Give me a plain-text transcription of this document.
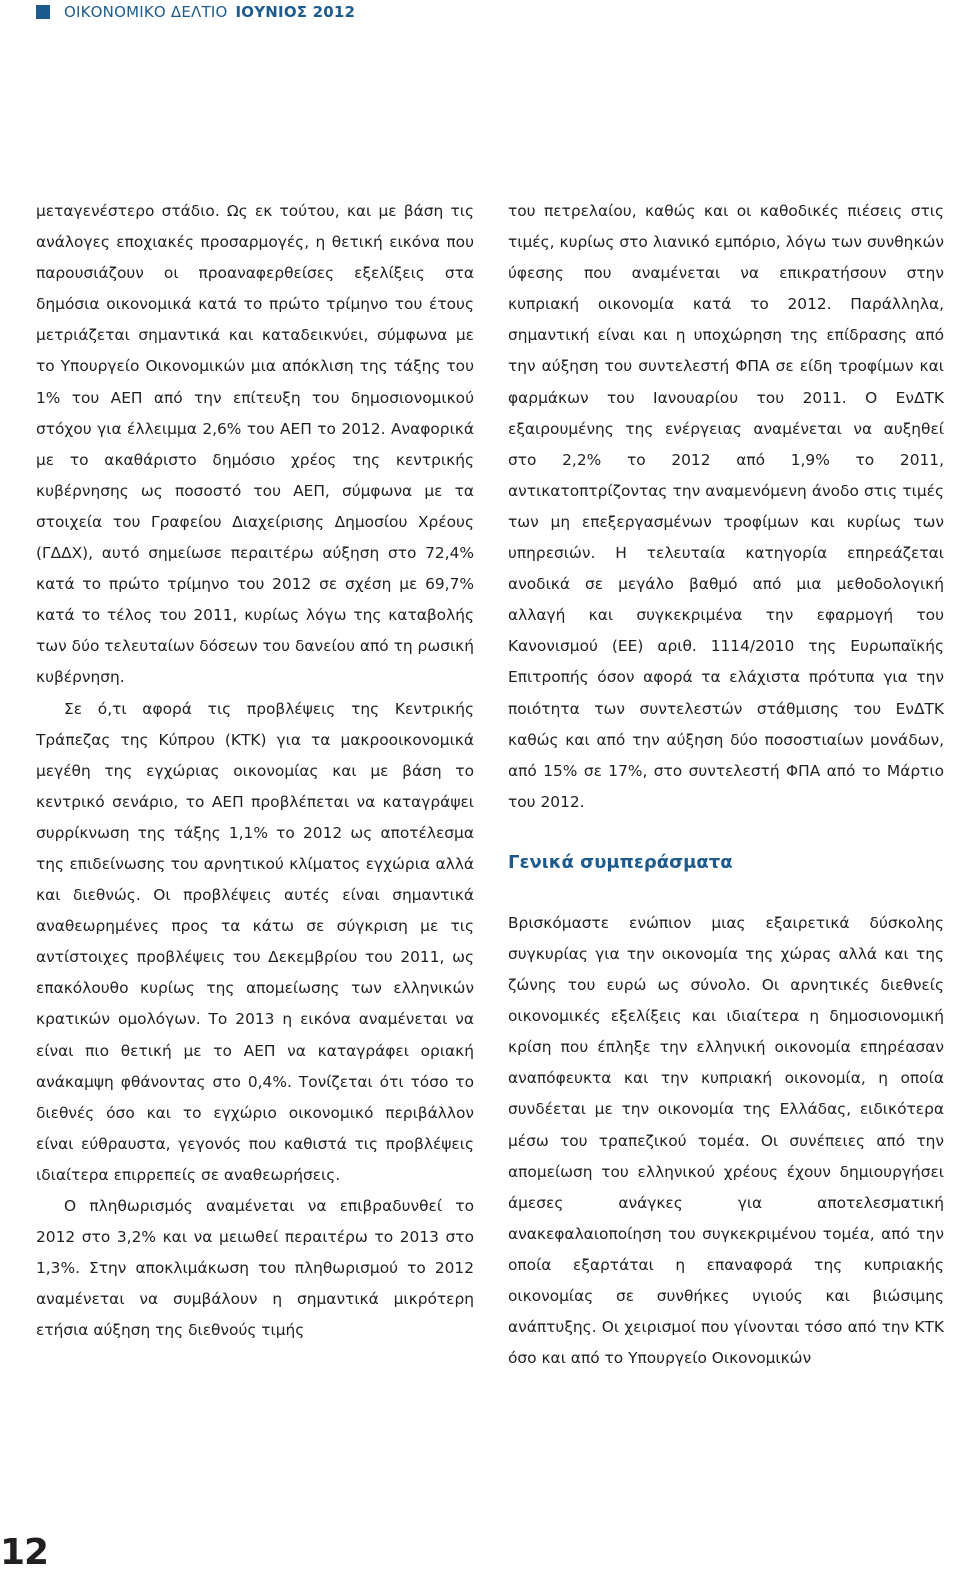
ΟΙΚΟΝΟΜΙΚΟ ΔΕΛΤΙΟ ΙΟΥΝΙΟΣ 2012

μεταγενέστερο στάδιο. Ως εκ τούτου, και με βάση τις ανάλογες εποχιακές προσαρμογές, η θετική εικόνα που παρουσιάζουν οι προαναφερθείσες εξελίξεις στα δημόσια οικονομικά κατά το πρώτο τρίμηνο του έτους μετριάζεται σημαντικά και καταδεικνύει, σύμφωνα με το Υπουργείο Οικονομικών μια απόκλιση της τάξης του 1% του ΑΕΠ από την επίτευξη του δημοσιονομικού στόχου για έλλειμμα 2,6% του ΑΕΠ το 2012. Αναφορικά με το ακαθάριστο δημόσιο χρέος της κεντρικής κυβέρνησης ως ποσοστό του ΑΕΠ, σύμφωνα με τα στοιχεία του Γραφείου Διαχείρισης Δημοσίου Χρέους (ΓΔΔΧ), αυτό σημείωσε περαιτέρω αύξηση στο 72,4% κατά το πρώτο τρίμηνο του 2012 σε σχέση με 69,7% κατά το τέλος του 2011, κυρίως λόγω της καταβολής των δύο τελευταίων δόσεων του δανείου από τη ρωσική κυβέρνηση.

Σε ό,τι αφορά τις προβλέψεις της Κεντρικής Τράπεζας της Κύπρου (ΚΤΚ) για τα μακροοικονομικά μεγέθη της εγχώριας οικονομίας και με βάση το κεντρικό σενάριο, το ΑΕΠ προβλέπεται να καταγράψει συρρίκνωση της τάξης 1,1% το 2012 ως αποτέλεσμα της επιδείνωσης του αρνητικού κλίματος εγχώρια αλλά και διεθνώς. Οι προβλέψεις αυτές είναι σημαντικά αναθεωρημένες προς τα κάτω σε σύγκριση με τις αντίστοιχες προβλέψεις του Δεκεμβρίου του 2011, ως επακόλουθο κυρίως της απομείωσης των ελληνικών κρατικών ομολόγων. Το 2013 η εικόνα αναμένεται να είναι πιο θετική με το ΑΕΠ να καταγράφει οριακή ανάκαμψη φθάνοντας στο 0,4%. Τονίζεται ότι τόσο το διεθνές όσο και το εγχώριο οικονομικό περιβάλλον είναι εύθραυστα, γεγονός που καθιστά τις προβλέψεις ιδιαίτερα επιρρεπείς σε αναθεωρήσεις.

Ο πληθωρισμός αναμένεται να επιβραδυνθεί το 2012 στο 3,2% και να μειωθεί περαιτέρω το 2013 στο 1,3%. Στην αποκλιμάκωση του πληθωρισμού το 2012 αναμένεται να συμβάλουν η σημαντικά μικρότερη ετήσια αύξηση της διεθνούς τιμής

του πετρελαίου, καθώς και οι καθοδικές πιέσεις στις τιμές, κυρίως στο λιανικό εμπόριο, λόγω των συνθηκών ύφεσης που αναμένεται να επικρατήσουν στην κυπριακή οικονομία κατά το 2012. Παράλληλα, σημαντική είναι και η υποχώρηση της επίδρασης από την αύξηση του συντελεστή ΦΠΑ σε είδη τροφίμων και φαρμάκων του Ιανουαρίου του 2011. Ο ΕνΔΤΚ εξαιρουμένης της ενέργειας αναμένεται να αυξηθεί στο 2,2% το 2012 από 1,9% το 2011, αντικατοπτρίζοντας την αναμενόμενη άνοδο στις τιμές των μη επεξεργασμένων τροφίμων και κυρίως των υπηρεσιών. Η τελευταία κατηγορία επηρεάζεται ανοδικά σε μεγάλο βαθμό από μια μεθοδολογική αλλαγή και συγκεκριμένα την εφαρμογή του Κανονισμού (ΕΕ) αριθ. 1114/2010 της Ευρωπαϊκής Επιτροπής όσον αφορά τα ελάχιστα πρότυπα για την ποιότητα των συντελεστών στάθμισης του ΕνΔΤΚ καθώς και από την αύξηση δύο ποσοστιαίων μονάδων, από 15% σε 17%, στο συντελεστή ΦΠΑ από το Μάρτιο του 2012.

Γενικά συμπεράσματα

Βρισκόμαστε ενώπιον μιας εξαιρετικά δύσκολης συγκυρίας για την οικονομία της χώρας αλλά και της ζώνης του ευρώ ως σύνολο. Οι αρνητικές διεθνείς οικονομικές εξελίξεις και ιδιαίτερα η δημοσιονομική κρίση που έπληξε την ελληνική οικονομία επηρέασαν αναπόφευκτα και την κυπριακή οικονομία, η οποία συνδέεται με την οικονομία της Ελλάδας, ειδικότερα μέσω του τραπεζικού τομέα. Οι συνέπειες από την απομείωση του ελληνικού χρέους έχουν δημιουργήσει άμεσες ανάγκες για αποτελεσματική ανακεφαλαιοποίηση του συγκεκριμένου τομέα, από την οποία εξαρτάται η επαναφορά της κυπριακής οικονομίας σε συνθήκες υγιούς και βιώσιμης ανάπτυξης. Οι χειρισμοί που γίνονται τόσο από την ΚΤΚ όσο και από το Υπουργείο Οικονομικών

12
